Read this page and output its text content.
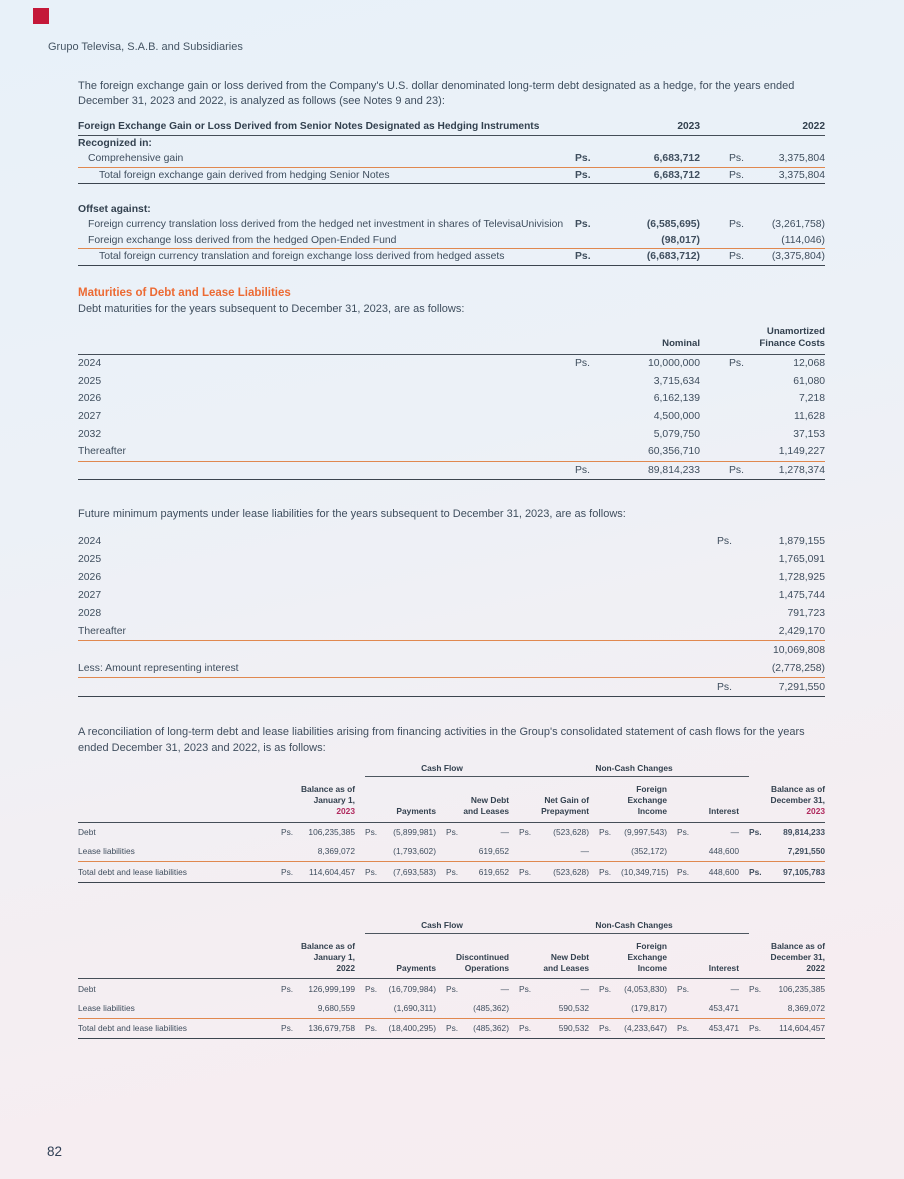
Grupo Televisa, S.A.B. and Subsidiaries

The foreign exchange gain or loss derived from the Company's U.S. dollar denominated long-term debt designated as a hedge, for the years ended December 31, 2023 and 2022, is analyzed as follows (see Notes 9 and 23):

Foreign Exchange Gain or Loss Derived from Senior Notes Designated as Hedging Instruments	2023		2022	
Recognized in:				
Comprehensive gain	Ps.	6,683,712	Ps.	3,375,804
Total foreign exchange gain derived from hedging Senior Notes	Ps.	6,683,712	Ps.	3,375,804

Offset against:				
Foreign currency translation loss derived from the hedged net investment in shares of TelevisaUnivision	Ps.	(6,585,695)	Ps.	(3,261,758)
Foreign exchange loss derived from the hedged Open-Ended Fund		(98,017)		(114,046)
Total foreign currency translation and foreign exchange loss derived from hedged assets	Ps.	(6,683,712)	Ps.	(3,375,804)
Maturities of Debt and Lease Liabilities

Debt maturities for the years subsequent to December 31, 2023, are as follows:

	Nominal		Unamortized
Finance Costs	

2024	Ps.	10,000,000	Ps.	12,068
2025		3,715,634		61,080
2026		6,162,139		7,218
2027		4,500,000		11,628
2032		5,079,750		37,153
Thereafter		60,356,710		1,149,227
	Ps.	89,814,233	Ps.	1,278,374

Future minimum payments under lease liabilities for the years subsequent to December 31, 2023, are as follows:

2024	Ps.	1,879,155
2025		1,765,091
2026		1,728,925
2027		1,475,744
2028		791,723
Thereafter		2,429,170
		10,069,808
Less: Amount representing interest		(2,778,258)
	Ps.	7,291,550

A reconciliation of long-term debt and lease liabilities arising from financing activities in the Group's consolidated statement of cash flows for the years ended December 31, 2023 and 2022, is as follows:

			Cash Flow				Non-Cash Changes							

Balance as of
January 1,
2023	Payments

New Debt
and Leases

Net Gain of
Prepayment

Foreign
Exchange
Income	Interest

Balance as of
December 31,
2023

Debt	Ps.	106,235,385	Ps.	(5,899,981)	Ps.	—	Ps.	(523,628)	Ps.	(9,997,543)	Ps.	—	Ps.	89,814,233
Lease liabilities		8,369,072		(1,793,602)		619,652		—		(352,172)		448,600		7,291,550
Total debt and lease liabilities	Ps.	114,604,457	Ps.	(7,693,583)	Ps.	619,652	Ps.	(523,628)	Ps.	(10,349,715)	Ps.	448,600	Ps.	97,105,783
			Cash Flow				Non-Cash Changes							

Balance as of
January 1,
2022	Payments

Discontinued
Operations

New Debt
and Leases

Foreign
Exchange
Income	Interest

Balance as of
December 31,
2022

Debt	Ps.	126,999,199	Ps.	(16,709,984)	Ps.	—	Ps.	—	Ps.	(4,053,830)	Ps.	—	Ps.	106,235,385
Lease liabilities		9,680,559		(1,690,311)		(485,362)		590,532		(179,817)		453,471		8,369,072
Total debt and lease liabilities	Ps.	136,679,758	Ps.	(18,400,295)	Ps.	(485,362)	Ps.	590,532	Ps.	(4,233,647)	Ps.	453,471	Ps.	114,604,457
82
